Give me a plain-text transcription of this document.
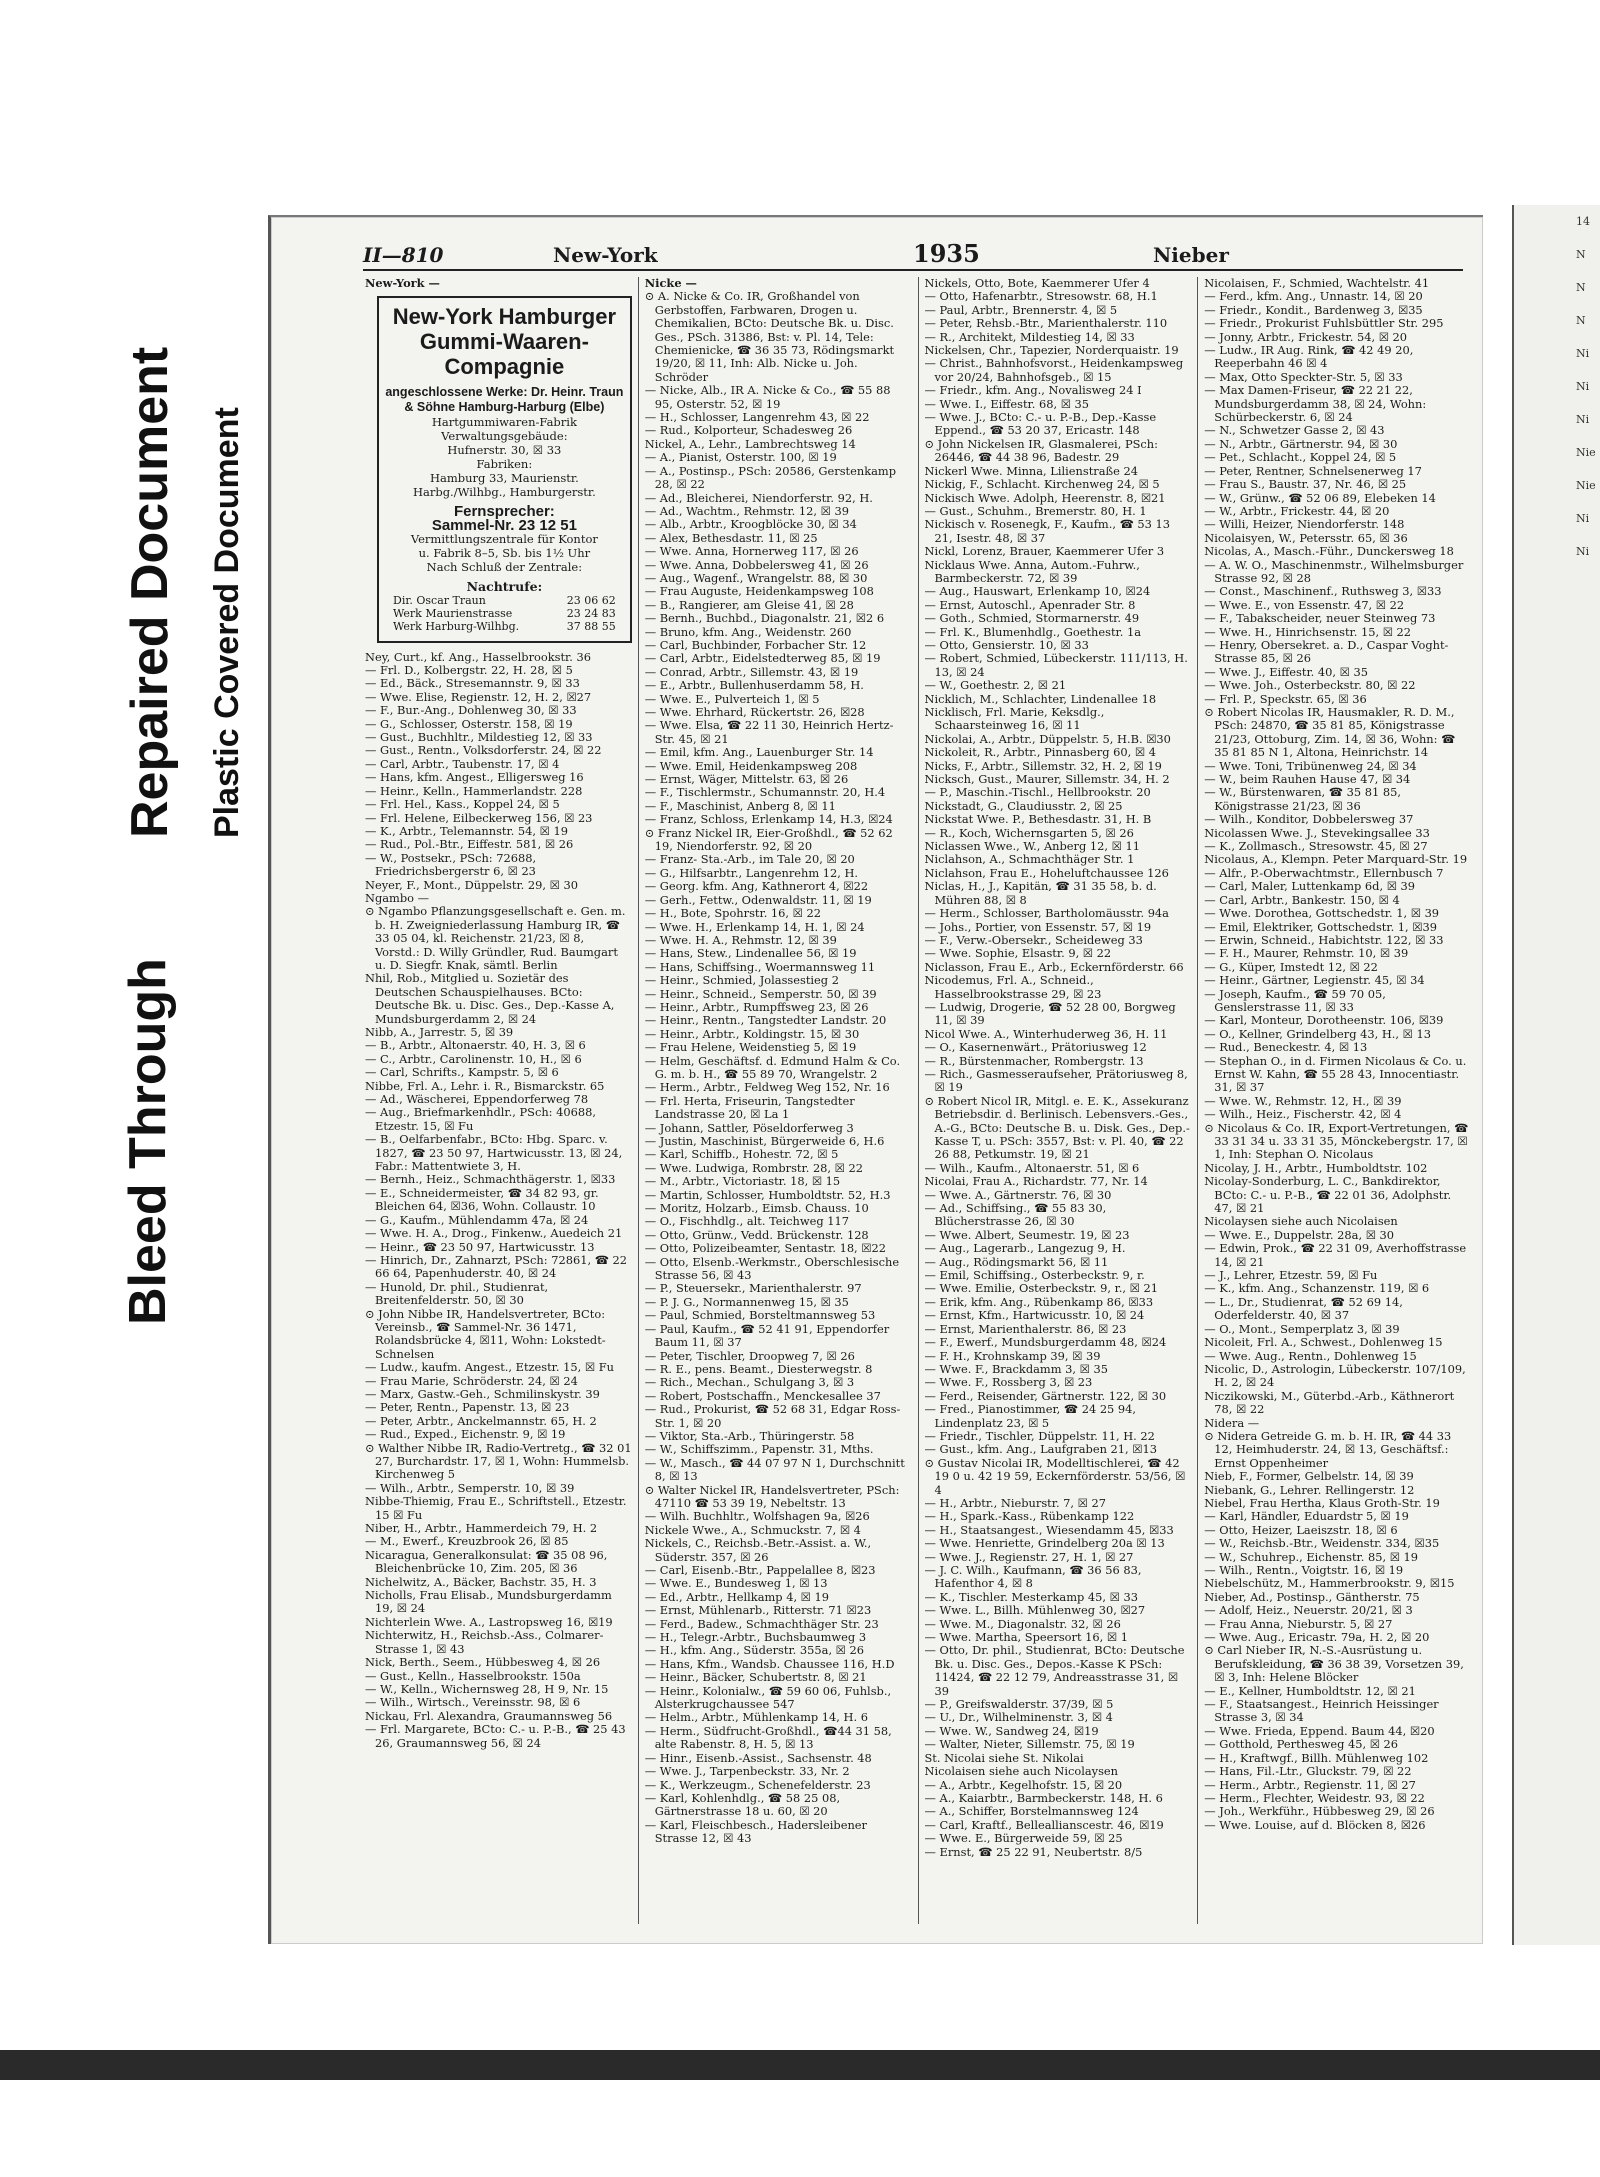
Bleed Through
Repaired Document Plastic Covered Document
14
N
N
N
Ni
Ni
Ni
Nie
Nie
Ni
Ni
II—810	New-York	1935	Nieber
New-York —
New-York Hamburger Gummi-Waaren-Compagnie
angeschlossene Werke: Dr. Heinr. Traun & Söhne Hamburg-Harburg (Elbe)
Hartgummiwaren-Fabrik
Verwaltungsgebäude:
Hufnerstr. 30, ☒ 33
Fabriken:
Hamburg 33, Maurienstr.
Harbg./Wilhbg., Hamburgerstr.
Fernsprecher:
Sammel-Nr. 23 12 51
Vermittlungszentrale für Kontor
u. Fabrik 8–5, Sb. bis 1½ Uhr
Nach Schluß der Zentrale:
Nachtrufe:
Dir. Oscar Traun	23 06 62
Werk Maurienstrasse	23 24 83
Werk Harburg-Wilhbg.	37 88 55

Ney, Curt., kf. Ang., Hasselbrookstr. 36

— Frl. D., Kolbergstr. 22, H. 28, ☒ 5

— Ed., Bäck., Stresemannstr. 9, ☒ 33

— Wwe. Elise, Regienstr. 12, H. 2, ☒27

— F., Bur.-Ang., Dohlenweg 30, ☒ 33

— G., Schlosser, Osterstr. 158, ☒ 19

— Gust., Buchhltr., Mildestieg 12, ☒ 33

— Gust., Rentn., Volksdorferstr. 24, ☒ 22

— Carl, Arbtr., Taubenstr. 17, ☒ 4

— Hans, kfm. Angest., Elligersweg 16

— Heinr., Kelln., Hammerlandstr. 228

— Frl. Hel., Kass., Koppel 24, ☒ 5

— Frl. Helene, Eilbeckerweg 156, ☒ 23

— K., Arbtr., Telemannstr. 54, ☒ 19

— Rud., Pol.-Btr., Eiffestr. 581, ☒ 26

— W., Postsekr., PSch: 72688, Friedrichsbergerstr 6, ☒ 23

Neyer, F., Mont., Düppelstr. 29, ☒ 30

Ngambo —

⊙ Ngambo Pflanzungsgesellschaft e. Gen. m. b. H. Zweigniederlassung Hamburg IR, ☎ 33 05 04, kl. Reichenstr. 21/23, ☒ 8, Vorstd.: D. Willy Gründler, Rud. Baumgart u. D. Siegfr. Knak, sämtl. Berlin

Nhil, Rob., Mitglied u. Sozietär des Deutschen Schauspielhauses. BCto: Deutsche Bk. u. Disc. Ges., Dep.-Kasse A, Mundsburgerdamm 2, ☒ 24

Nibb, A., Jarrestr. 5, ☒ 39

— B., Arbtr., Altonaerstr. 40, H. 3, ☒ 6

— C., Arbtr., Carolinenstr. 10, H., ☒ 6

— Carl, Schrifts., Kampstr. 5, ☒ 6

Nibbe, Frl. A., Lehr. i. R., Bismarckstr. 65

— Ad., Wäscherei, Eppendorferweg 78

— Aug., Briefmarkenhdlr., PSch: 40688, Etzestr. 15, ☒ Fu

— B., Oelfarbenfabr., BCto: Hbg. Sparc. v. 1827, ☎ 23 50 97, Hartwicusstr. 13, ☒ 24, Fabr.: Mattentwiete 3, H.

— Bernh., Heiz., Schmachthägerstr. 1, ☒33

— E., Schneidermeister, ☎ 34 82 93, gr. Bleichen 64, ☒36, Wohn. Collaustr. 10

— G., Kaufm., Mühlendamm 47a, ☒ 24

— Wwe. H. A., Drog., Finkenw., Auedeich 21

— Heinr., ☎ 23 50 97, Hartwicusstr. 13

— Hinrich, Dr., Zahnarzt, PSch: 72861, ☎ 22 66 64, Papenhuderstr. 40, ☒ 24

— Hunold, Dr. phil., Studienrat, Breitenfelderstr. 50, ☒ 30

⊙ John Nibbe IR, Handelsvertreter, BCto: Vereinsb., ☎ Sammel-Nr. 36 1471, Rolandsbrücke 4, ☒11, Wohn: Lokstedt-Schnelsen

— Ludw., kaufm. Angest., Etzestr. 15, ☒ Fu

— Frau Marie, Schröderstr. 24, ☒ 24

— Marx, Gastw.-Geh., Schmilinskystr. 39

— Peter, Rentn., Papenstr. 13, ☒ 23

— Peter, Arbtr., Anckelmannstr. 65, H. 2

— Rud., Exped., Eichenstr. 9, ☒ 19

⊙ Walther Nibbe IR, Radio-Vertretg., ☎ 32 01 27, Burchardstr. 17, ☒ 1, Wohn: Hummelsb. Kirchenweg 5

— Wilh., Arbtr., Semperstr. 10, ☒ 39

Nibbe-Thiemig, Frau E., Schriftstell., Etzestr. 15 ☒ Fu

Niber, H., Arbtr., Hammerdeich 79, H. 2

— M., Ewerf., Kreuzbrook 26, ☒ 85

Nicaragua, Generalkonsulat: ☎ 35 08 96, Bleichenbrücke 10, Zim. 205, ☒ 36

Nichelwitz, A., Bäcker, Bachstr. 35, H. 3

Nicholls, Frau Elisab., Mundsburgerdamm 19, ☒ 24

Nichterlein Wwe. A., Lastropsweg 16, ☒19

Nichterwitz, H., Reichsb.-Ass., Colmarer-Strasse 1, ☒ 43

Nick, Berth., Seem., Hübbesweg 4, ☒ 26

— Gust., Kelln., Hasselbrookstr. 150a

— W., Kelln., Wichernsweg 28, H 9, Nr. 15

— Wilh., Wirtsch., Vereinsstr. 98, ☒ 6

Nickau, Frl. Alexandra, Graumannsweg 56

— Frl. Margarete, BCto: C.- u. P.-B., ☎ 25 43 26, Graumannsweg 56, ☒ 24

Nicke —

⊙ A. Nicke & Co. IR, Großhandel von Gerbstoffen, Farbwaren, Drogen u. Chemikalien, BCto: Deutsche Bk. u. Disc. Ges., PSch. 31386, Bst: v. Pl. 14, Tele: Chemienicke, ☎ 36 35 73, Rödingsmarkt 19/20, ☒ 11, Inh: Alb. Nicke u. Joh. Schröder

— Nicke, Alb., IR A. Nicke & Co., ☎ 55 88 95, Osterstr. 52, ☒ 19

— H., Schlosser, Langenrehm 43, ☒ 22

— Rud., Kolporteur, Schadesweg 26

Nickel, A., Lehr., Lambrechtsweg 14

— A., Pianist, Osterstr. 100, ☒ 19

— A., Postinsp., PSch: 20586, Gerstenkamp 28, ☒ 22

— Ad., Bleicherei, Niendorferstr. 92, H.

— Ad., Wachtm., Rehmstr. 12, ☒ 39

— Alb., Arbtr., Kroogblöcke 30, ☒ 34

— Alex, Bethesdastr. 11, ☒ 25

— Wwe. Anna, Hornerweg 117, ☒ 26

— Wwe. Anna, Dobbelersweg 41, ☒ 26

— Aug., Wagenf., Wrangelstr. 88, ☒ 30

— Frau Auguste, Heidenkampsweg 108

— B., Rangierer, am Gleise 41, ☒ 28

— Bernh., Buchbd., Diagonalstr. 21, ☒2 6

— Bruno, kfm. Ang., Weidenstr. 260

— Carl, Buchbinder, Forbacher Str. 12

— Carl, Arbtr., Eidelstedterweg 85, ☒ 19

— Conrad, Arbtr., Sillemstr. 43, ☒ 19

— E., Arbtr., Bullenhuserdamm 58, H.

— Wwe. E., Pulverteich 1, ☒ 5

— Wwe. Ehrhard, Rückertstr. 26, ☒28

— Wwe. Elsa, ☎ 22 11 30, Heinrich Hertz-Str. 45, ☒ 21

— Emil, kfm. Ang., Lauenburger Str. 14

— Wwe. Emil, Heidenkampsweg 208

— Ernst, Wäger, Mittelstr. 63, ☒ 26

— F., Tischlermstr., Schumannstr. 20, H.4

— F., Maschinist, Anberg 8, ☒ 11

— Franz, Schloss, Erlenkamp 14, H.3, ☒24

⊙ Franz Nickel IR, Eier-Großhdl., ☎ 52 62 19, Niendorferstr. 92, ☒ 20

— Franz- Sta.-Arb., im Tale 20, ☒ 20

— G., Hilfsarbtr., Langenrehm 12, H.

— Georg. kfm. Ang, Kathnerort 4, ☒22

— Gerh., Fettw., Odenwaldstr. 11, ☒ 19

— H., Bote, Spohrstr. 16, ☒ 22

— Wwe. H., Erlenkamp 14, H. 1, ☒ 24

— Wwe. H. A., Rehmstr. 12, ☒ 39

— Hans, Stew., Lindenallee 56, ☒ 19

— Hans, Schiffsing., Woermannsweg 11

— Heinr., Schmied, Jolassestieg 2

— Heinr., Schneid., Semperstr. 50, ☒ 39

— Heinr., Arbtr., Rumpffsweg 23, ☒ 26

— Heinr., Rentn., Tangstedter Landstr. 20

— Heinr., Arbtr., Koldingstr. 15, ☒ 30

— Frau Helene, Weidenstieg 5, ☒ 19

— Helm, Geschäftsf. d. Edmund Halm & Co. G. m. b. H., ☎ 55 89 70, Wrangelstr. 2

— Herm., Arbtr., Feldweg Weg 152, Nr. 16

— Frl. Herta, Friseurin, Tangstedter Landstrasse 20, ☒ La 1

— Johann, Sattler, Pöseldorferweg 3

— Justin, Maschinist, Bürgerweide 6, H.6

— Karl, Schiffb., Hohestr. 72, ☒ 5

— Wwe. Ludwiga, Rombrstr. 28, ☒ 22

— M., Arbtr., Victoriastr. 18, ☒ 15

— Martin, Schlosser, Humboldtstr. 52, H.3

— Moritz, Holzarb., Eimsb. Chauss. 10

— O., Fischhdlg., alt. Teichweg 117

— Otto, Grünw., Vedd. Brückenstr. 128

— Otto, Polizeibeamter, Sentastr. 18, ☒22

— Otto, Elsenb.-Werkmstr., Oberschlesische Strasse 56, ☒ 43

— P., Steuersekr., Marienthalerstr. 97

— P. J. G., Normannenweg 15, ☒ 35

— Paul, Schmied, Borsteltmannsweg 53

— Paul, Kaufm., ☎ 52 41 91, Eppendorfer Baum 11, ☒ 37

— Peter, Tischler, Droopweg 7, ☒ 26

— R. E., pens. Beamt., Diesterwegstr. 8

— Rich., Mechan., Schulgang 3, ☒ 3

— Robert, Postschaffn., Menckesallee 37

— Rud., Prokurist, ☎ 52 68 31, Edgar Ross-Str. 1, ☒ 20

— Viktor, Sta.-Arb., Thüringerstr. 58

— W., Schiffszimm., Papenstr. 31, Mths.

— W., Masch., ☎ 44 07 97 N 1, Durchschnitt 8, ☒ 13

⊙ Walter Nickel IR, Handelsvertreter, PSch: 47110 ☎ 53 39 19, Nebeltstr. 13

— Wilh. Buchhltr., Wolfshagen 9a, ☒26

Nickele Wwe., A., Schmuckstr. 7, ☒ 4

Nickels, C., Reichsb.-Betr.-Assist. a. W., Süderstr. 357, ☒ 26

— Carl, Eisenb.-Btr., Pappelallee 8, ☒23

— Wwe. E., Bundesweg 1, ☒ 13

— Ed., Arbtr., Hellkamp 4, ☒ 19

— Ernst, Mühlenarb., Ritterstr. 71 ☒23

— Ferd., Badew., Schmachthäger Str. 23

— H., Telegr.-Arbtr., Buchsbaumweg 3

— H., kfm. Ang., Süderstr. 355a, ☒ 26

— Hans, Kfm., Wandsb. Chaussee 116, H.D

— Heinr., Bäcker, Schubertstr. 8, ☒ 21

— Heinr., Kolonialw., ☎ 59 60 06, Fuhlsb., Alsterkrugchaussee 547

— Helm., Arbtr., Mühlenkamp 14, H. 6

— Herm., Südfrucht-Großhdl., ☎44 31 58, alte Rabenstr. 8, H. 5, ☒ 13

— Hinr., Eisenb.-Assist., Sachsenstr. 48

— Wwe. J., Tarpenbeckstr. 33, Nr. 2

— K., Werkzeugm., Schenefelderstr. 23

— Karl, Kohlenhdlg., ☎ 58 25 08, Gärtnerstrasse 18 u. 60, ☒ 20

— Karl, Fleischbesch., Hadersleibener Strasse 12, ☒ 43

Nickels, Otto, Bote, Kaemmerer Ufer 4

— Otto, Hafenarbtr., Stresowstr. 68, H.1

— Paul, Arbtr., Brennerstr. 4, ☒ 5

— Peter, Rehsb.-Btr., Marienthalerstr. 110

— R., Architekt, Mildestieg 14, ☒ 33

Nickelsen, Chr., Tapezier, Norderquaistr. 19

— Christ., Bahnhofsvorst., Heidenkampsweg vor 20/24, Bahnhofsgeb., ☒ 15

— Friedr., kfm. Ang., Novalisweg 24 I

— Wwe. I., Eiffestr. 68, ☒ 35

— Wwe. J., BCto: C.- u. P.-B., Dep.-Kasse Eppend., ☎ 53 20 37, Ericastr. 148

⊙ John Nickelsen IR, Glasmalerei, PSch: 26446, ☎ 44 38 96, Badestr. 29

Nickerl Wwe. Minna, Lilienstraße 24

Nickig, F., Schlacht. Kirchenweg 24, ☒ 5

Nickisch Wwe. Adolph, Heerenstr. 8, ☒21

— Gust., Schuhm., Bremerstr. 80, H. 1

Nickisch v. Rosenegk, F., Kaufm., ☎ 53 13 21, Isestr. 48, ☒ 37

Nickl, Lorenz, Brauer, Kaemmerer Ufer 3

Nicklaus Wwe. Anna, Autom.-Fuhrw., Barmbeckerstr. 72, ☒ 39

— Aug., Hauswart, Erlenkamp 10, ☒24

— Ernst, Autoschl., Apenrader Str. 8

— Goth., Schmied, Stormarnerstr. 49

— Frl. K., Blumenhdlg., Goethestr. 1a

— Otto, Gensierstr. 10, ☒ 33

— Robert, Schmied, Lübeckerstr. 111/113, H. 13, ☒ 24

— W., Goethestr. 2, ☒ 21

Nicklich, M., Schlachter, Lindenallee 18

Nicklisch, Frl. Marie, Keksdlg., Schaarsteinweg 16, ☒ 11

Nickolai, A., Arbtr., Düppelstr. 5, H.B. ☒30

Nickoleit, R., Arbtr., Pinnasberg 60, ☒ 4

Nicks, F., Arbtr., Sillemstr. 32, H. 2, ☒ 19

Nicksch, Gust., Maurer, Sillemstr. 34, H. 2

— P., Maschin.-Tischl., Hellbrookstr. 20

Nickstadt, G., Claudiusstr. 2, ☒ 25

Nickstat Wwe. P., Bethesdastr. 31, H. B

— R., Koch, Wichernsgarten 5, ☒ 26

Niclassen Wwe., W., Anberg 12, ☒ 11

Niclahson, A., Schmachthäger Str. 1

Niclahson, Frau E., Hoheluftchaussee 126

Niclas, H., J., Kapitän, ☎ 31 35 58, b. d. Mühren 88, ☒ 8

— Herm., Schlosser, Bartholomäusstr. 94a

— Johs., Portier, von Essenstr. 57, ☒ 19

— F., Verw.-Obersekr., Scheideweg 33

— Wwe. Sophie, Elsastr. 9, ☒ 22

Niclasson, Frau E., Arb., Eckernförderstr. 66

Nicodemus, Frl. A., Schneid., Hasselbrookstrasse 29, ☒ 23

— Ludwig, Drogerie, ☎ 52 28 00, Borgweg 11, ☒ 39

Nicol Wwe. A., Winterhuderweg 36, H. 11

— O., Kasernenwärt., Prätoriusweg 12

— R., Bürstenmacher, Rombergstr. 13

— Rich., Gasmesserauf​seher, Prätoriusweg 8, ☒ 19

⊙ Robert Nicol IR, Mitgl. e. E. K., Assekuranz Betriebsdir. d. Berlinisch. Lebensvers.-Ges., A.-G., BCto: Deutsche B. u. Disk. Ges., Dep.-Kasse T, u. PSch: 3557, Bst: v. Pl. 40, ☎ 22 26 88, Petkumstr. 19, ☒ 21

— Wilh., Kaufm., Altonaerstr. 51, ☒ 6

Nicolai, Frau A., Richardstr. 77, Nr. 14

— Wwe. A., Gärtnerstr. 76, ☒ 30

— Ad., Schiffsing., ☎ 55 83 30, Blücherstrasse 26, ☒ 30

— Wwe. Albert, Seumestr. 19, ☒ 23

— Aug., Lagerarb., Langezug 9, H.

— Aug., Rödingsmarkt 56, ☒ 11

— Emil, Schiffsing., Osterbeckstr. 9, r.

— Wwe. Emilie, Osterbeckstr. 9, r., ☒ 21

— Erik, kfm. Ang., Rübenkamp 86, ☒33

— Ernst, Kfm., Hartwicusstr. 10, ☒ 24

— Ernst, Marienthalerstr. 86, ☒ 23

— F., Ewerf., Mundsburgerdamm 48, ☒24

— F. H., Krohnskamp 39, ☒ 39

— Wwe. F., Brackdamm 3, ☒ 35

— Wwe. F., Rossberg 3, ☒ 23

— Ferd., Reisender, Gärtnerstr. 122, ☒ 30

— Fred., Pianostimmer, ☎ 24 25 94, Lindenplatz 23, ☒ 5

— Friedr., Tischler, Düppelstr. 11, H. 22

— Gust., kfm. Ang., Laufgraben 21, ☒13

⊙ Gustav Nicolai IR, Modelltischlerei, ☎ 42 19 0 u. 42 19 59, Eckernförderstr. 53/56, ☒ 4

— H., Arbtr., Nieburstr. 7, ☒ 27

— H., Spark.-Kass., Rübenkamp 122

— H., Staatsangest., Wiesendamm 45, ☒33

— Wwe. Henriette, Grindelberg 20a ☒ 13

— Wwe. J., Regienstr. 27, H. 1, ☒ 27

— J. C. Wilh., Kaufmann, ☎ 36 56 83, Hafenthor 4, ☒ 8

— K., Tischler. Mesterkamp 45, ☒ 33

— Wwe. L., Billh. Mühlenweg 30, ☒27

— Wwe. M., Diagonalstr. 32, ☒ 26

— Wwe. Martha, Speersort 16, ☒ 1

— Otto, Dr. phil., Studienrat, BCto: Deutsche Bk. u. Disc. Ges., Depos.-Kasse K PSch: 11424, ☎ 22 12 79, Andreasstrasse 31, ☒ 39

— P., Greifswalderstr. 37/39, ☒ 5

— U., Dr., Wilhelminenstr. 3, ☒ 4

— Wwe. W., Sandweg 24, ☒19

— Walter, Nieter, Sillemstr. 75, ☒ 19

St. Nicolai siehe St. Nikolai

Nicolaisen siehe auch Nicolaysen

— A., Arbtr., Kegelhofstr. 15, ☒ 20

— A., Kaiarbtr., Barmbeckerstr. 148, H. 6

— A., Schiffer, Borstelmannsweg 124

— Carl, Kraftf., Belleallianscestr. 46, ☒19

— Wwe. E., Bürgerweide 59, ☒ 25

— Ernst, ☎ 25 22 91, Neubertstr. 8/5

Nicolaisen, F., Schmied, Wachtelstr. 41

— Ferd., kfm. Ang., Unnastr. 14, ☒ 20

— Friedr., Kondit., Bardenweg 3, ☒35

— Friedr., Prokurist Fuhlsbüttler Str. 295

— Jonny, Arbtr., Frickestr. 54, ☒ 20

— Ludw., IR Aug. Rink, ☎ 42 49 20, Reeperbahn 46 ☒ 4

— Max, Otto Speckter-Str. 5, ☒ 33

— Max Damen-Friseur, ☎ 22 21 22, Mundsburgerdamm 38, ☒ 24, Wohn: Schürbeckerstr. 6, ☒ 24

— N., Schwetzer Gasse 2, ☒ 43

— N., Arbtr., Gärtnerstr. 94, ☒ 30

— Pet., Schlacht., Koppel 24, ☒ 5

— Peter, Rentner, Schnelsenerweg 17

— Frau S., Baustr. 37, Nr. 46, ☒ 25

— W., Grünw., ☎ 52 06 89, Elebeken 14

— W., Arbtr., Frickestr. 44, ☒ 20

— Willi, Heizer, Niendorferstr. 148

Nicolaisyen, W., Petersstr. 65, ☒ 36

Nicolas, A., Masch.-Führ., Dunckersweg 18

— A. W. O., Maschinenmstr., Wilhelmsburger Strasse 92, ☒ 28

— Const., Maschinenf., Ruthsweg 3, ☒33

— Wwe. E., von Essenstr. 47, ☒ 22

— F., Tabakscheider, neuer Steinweg 73

— Wwe. H., Hinrichsenstr. 15, ☒ 22

— Henry, Obersekret. a. D., Caspar Voght-Strasse 85, ☒ 26

— Wwe. J., Eiffestr. 40, ☒ 35

— Wwe. Joh., Osterbeckstr. 80, ☒ 22

— Frl. P., Speckstr. 65, ☒ 36

⊙ Robert Nicolas IR, Hausmakler, R. D. M., PSch: 24870, ☎ 35 81 85, Königstrasse 21/23, Ottoburg, Zim. 14, ☒ 36, Wohn: ☎ 35 81 85 N 1, Altona, Heinrichstr. 14

— Wwe. Toni, Tribünenweg 24, ☒ 34

— W., beim Rauhen Hause 47, ☒ 34

— W., Bürstenwaren, ☎ 35 81 85, Königstrasse 21/23, ☒ 36

— Wilh., Konditor, Dobbelersweg 37

Nicolassen Wwe. J., Stevekingsallee 33

— K., Zollmasch., Stresowstr. 45, ☒ 27

Nicolaus, A., Klempn. Peter Marquard-Str. 19

— Alfr., P.-Oberwachtmstr., Ellernbusch 7

— Carl, Maler, Luttenkamp 6d, ☒ 39

— Carl, Arbtr., Bankestr. 150, ☒ 4

— Wwe. Dorothea, Gottschedstr. 1, ☒ 39

— Emil, Elektriker, Gottschedstr. 1, ☒39

— Erwin, Schneid., Habichtstr. 122, ☒ 33

— F. H., Maurer, Rehmstr. 10, ☒ 39

— G., Küper, Imstedt 12, ☒ 22

— Heinr., Gärtner, Legienstr. 45, ☒ 34

— Joseph, Kaufm., ☎ 59 70 05, Genslerstrasse 11, ☒ 33

— Karl, Monteur, Dorotheenstr. 106, ☒39

— O., Kellner, Grindelberg 43, H., ☒ 13

— Rud., Beneckestr. 4, ☒ 13

— Stephan O., in d. Firmen Nicolaus & Co. u. Ernst W. Kahn, ☎ 55 28 43, Innocentiastr. 31, ☒ 37

— Wwe. W., Rehmstr. 12, H., ☒ 39

— Wilh., Heiz., Fischerstr. 42, ☒ 4

⊙ Nicolaus & Co. IR, Export-Vertretungen, ☎ 33 31 34 u. 33 31 35, Mönckebergstr. 17, ☒ 1, Inh: Stephan O. Nicolaus

Nicolay, J. H., Arbtr., Humboldtstr. 102

Nicolay-Sonderburg, L. C., Bankdirektor, BCto: C.- u. P.-B., ☎ 22 01 36, Adolphstr. 47, ☒ 21

Nicolaysen siehe auch Nicolaisen

— Wwe. E., Duppelstr. 28a, ☒ 30

— Edwin, Prok., ☎ 22 31 09, Averhoffstrasse 14, ☒ 21

— J., Lehrer, Etzestr. 59, ☒ Fu

— K., kfm. Ang., Schanzenstr. 119, ☒ 6

— L., Dr., Studienrat, ☎ 52 69 14, Oderfelderstr. 40, ☒ 37

— O., Mont., Semperplatz 3, ☒ 39

Nicoleit, Frl. A., Schwest., Dohlenweg 15

— Wwe. Aug., Rentn., Dohlenweg 15

Nicolic, D., Astrologin, Lübeckerstr. 107/109, H. 2, ☒ 24

Niczikowski, M., Güterbd.-Arb., Käthnerort 78, ☒ 22

Nidera —

⊙ Nidera Getreide G. m. b. H. IR, ☎ 44 33 12, Heimhuderstr. 24, ☒ 13, Geschäftsf.: Ernst Oppenheimer

Nieb, F., Former, Gelbelstr. 14, ☒ 39

Niebank, G., Lehrer. Rellingerstr. 12

Niebel, Frau Hertha, Klaus Groth-Str. 19

— Karl, Händler, Eduardstr 5, ☒ 19

— Otto, Heizer, Laeiszstr. 18, ☒ 6

— W., Reichsb.-Btr., Weidenstr. 334, ☒35

— W., Schuhrep., Eichenstr. 85, ☒ 19

— Wilh., Rentn., Voigtstr. 16, ☒ 19

Niebelschütz, M., Hammerbrookstr. 9, ☒15

Nieber, Ad., Postinsp., Gäntherstr. 75

— Adolf, Heiz., Neuerstr. 20/21, ☒ 3

— Frau Anna, Nieburstr. 5, ☒ 27

— Wwe. Aug., Ericastr. 79a, H. 2, ☒ 20

⊙ Carl Nieber IR, N.-S.-Ausrüstung u. Berufskleidung, ☎ 36 38 39, Vorsetzen 39, ☒ 3, Inh: Helene Blöcker

— E., Kellner, Humboldtstr. 12, ☒ 21

— F., Staatsangest., Heinrich Heissinger Strasse 3, ☒ 34

— Wwe. Frieda, Eppend. Baum 44, ☒20

— Gotthold, Perthesweg 45, ☒ 26

— H., Kraftwgf., Billh. Mühlenweg 102

— Hans, Fil.-Ltr., Gluckstr. 79, ☒ 22

— Herm., Arbtr., Regienstr. 11, ☒ 27

— Herm., Flechter, Weidestr. 93, ☒ 22

— Joh., Werkführ., Hübbesweg 29, ☒ 26

— Wwe. Louise, auf d. Blöcken 8, ☒26
